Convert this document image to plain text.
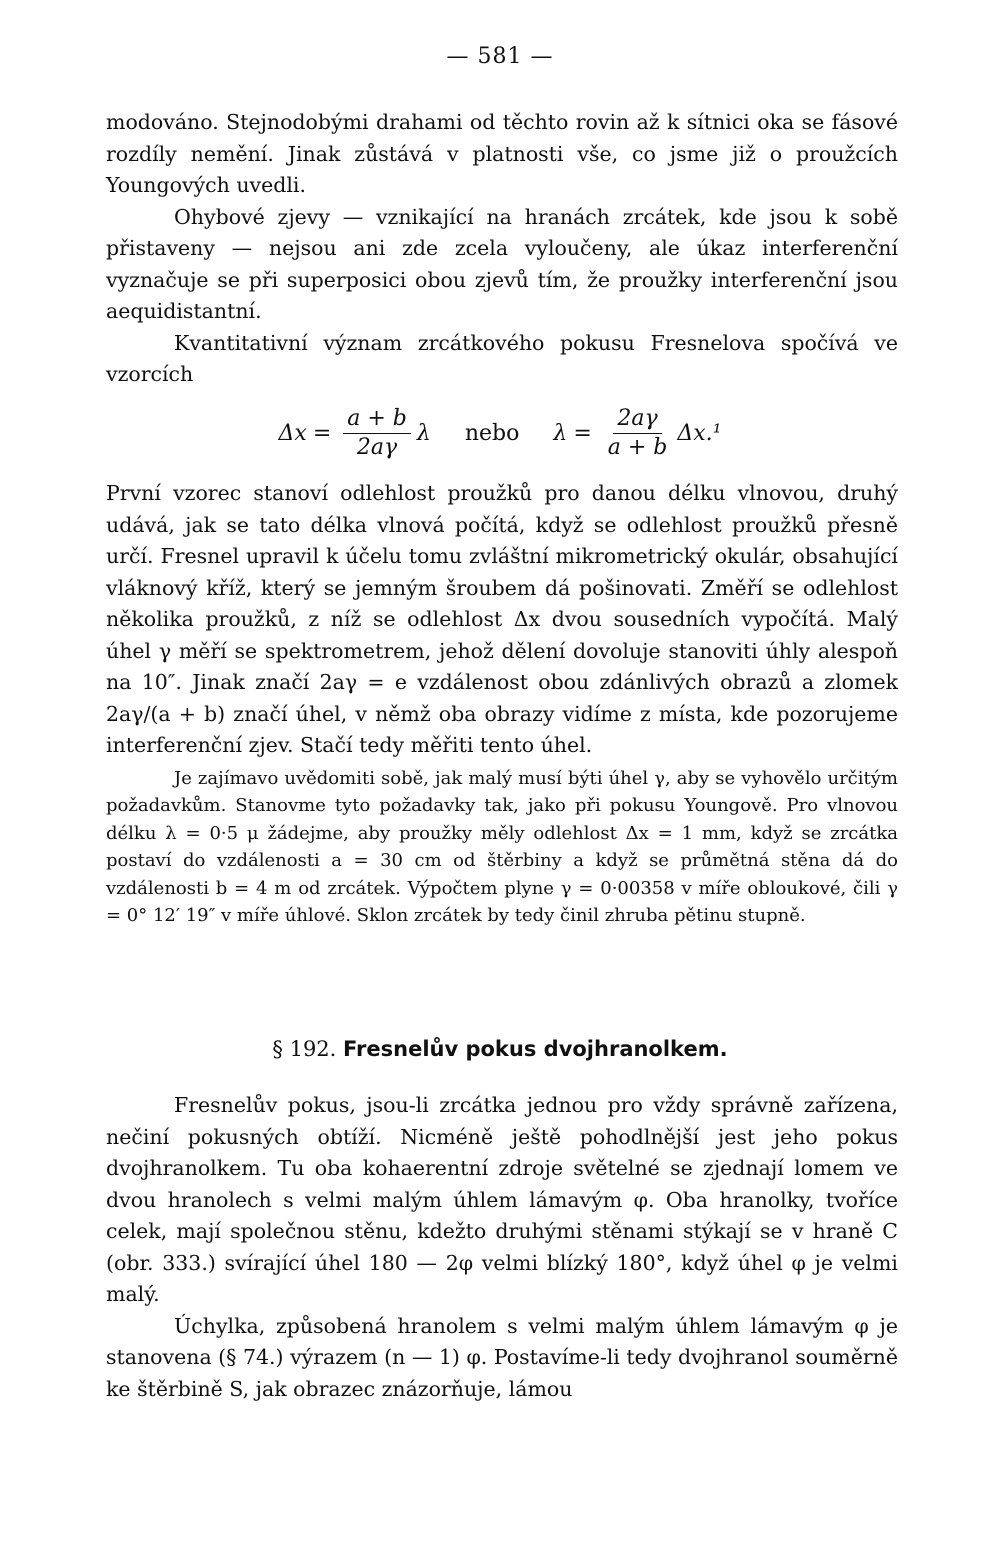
— 581 —

modováno. Stejnodobými drahami od těchto rovin až k sítnici oka se fásové rozdíly nemění. Jinak zůstává v platnosti vše, co jsme již o proužcích Youngových uvedli.

Ohybové zjevy — vznikající na hranách zrcátek, kde jsou k sobě přistaveny — nejsou ani zde zcela vyloučeny, ale úkaz interferenční vyznačuje se při superposici obou zjevů tím, že proužky interferenční jsou aequidistantní.

Kvantitativní význam zrcátkového pokusu Fresnelova spočívá ve vzorcích

$\Delta x = \frac{a + b}{2a\gamma}$ λ nebo $\lambda = \frac{2a\gamma}{a + b} \Delta x.^1$

První vzorec stanoví odlehlost proužků pro danou délku vlnovou, druhý udává, jak se tato délka vlnová počítá, když se odlehlost proužků přesně určí. Fresnel upravil k účelu tomu zvláštní mikrometrický okulár, obsahující vláknový kříž, který se jemným šroubem dá pošinovati. Změří se odlehlost několika proužků, z níž se odlehlost Δx dvou sousedních vypočítá. Malý úhel γ měří se spektrometrem, jehož dělení dovoluje stanoviti úhly alespoň na 10″. Jinak značí 2aγ = e vzdálenost obou zdánlivých obrazů a zlomek 2aγ/(a + b) značí úhel, v němž oba obrazy vidíme z místa, kde pozorujeme interferenční zjev. Stačí tedy měřiti tento úhel.

Je zajímavo uvědomiti sobě, jak malý musí býti úhel γ, aby se vyhovělo určitým požadavkům. Stanovme tyto požadavky tak, jako při pokusu Youngově. Pro vlnovou délku λ = 0·5 μ žádejme, aby proužky měly odlehlost Δx = 1 mm, když se zrcátka postaví do vzdálenosti a = 30 cm od štěrbiny a když se průmětná stěna dá do vzdálenosti b = 4 m od zrcátek. Výpočtem plyne γ = 0·00358 v míře obloukové, čili γ = 0° 12′ 19″ v míře úhlové. Sklon zrcátek by tedy činil zhruba pětinu stupně.

§ 192. Fresnelův pokus dvojhranolkem.

Fresnelův pokus, jsou-li zrcátka jednou pro vždy správně zařízena, nečiní pokusných obtíží. Nicméně ještě pohodlnější jest jeho pokus dvojhranolkem. Tu oba kohaerentní zdroje světelné se zjednají lomem ve dvou hranolech s velmi malým úhlem lámavým φ. Oba hranolky, tvoříce celek, mají společnou stěnu, kdežto druhými stěnami stýkají se v hraně C (obr. 333.) svírající úhel 180 — 2φ velmi blízký 180°, když úhel φ je velmi malý.

Úchylka, způsobená hranolem s velmi malým úhlem lámavým φ je stanovena (§ 74.) výrazem (n — 1) φ. Postavíme-li tedy dvojhranol souměrně ke štěrbině S, jak obrazec znázorňuje, lámou
